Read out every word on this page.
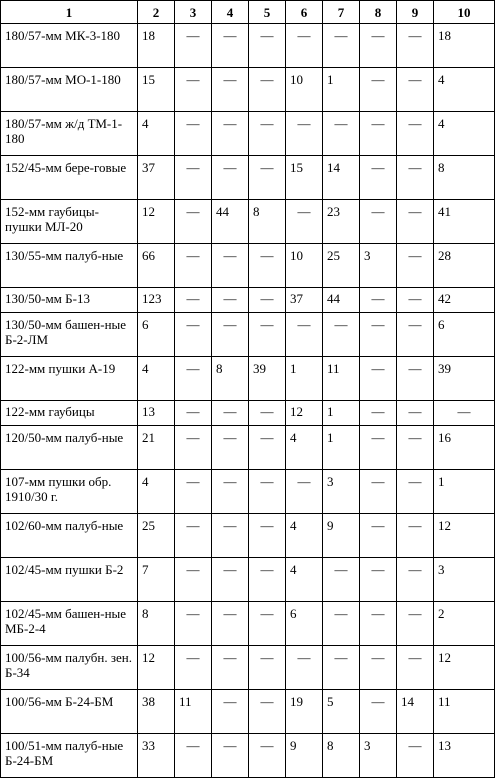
1	2	3	4	5	6	7	8	9	10
180/57-мм МК-3-180	18	—	—	—	—	—	—	—	18
180/57-мм МО-1-180	15	—	—	—	10	1	—	—	4
180/57-мм ж/д ТМ-1-180	4	—	—	—	—	—	—	—	4
152/45-мм бере-говые	37	—	—	—	15	14	—	—	8
152-мм гаубицы-пушки МЛ-20	12	—	44	8	—	23	—	—	41
130/55-мм палуб-ные	66	—	—	—	10	25	3	—	28
130/50-мм Б-13	123	—	—	—	37	44	—	—	42
130/50-мм башен-ные Б-2-ЛМ	6	—	—	—	—	—	—	—	6
122-мм пушки А-19	4	—	8	39	1	11	—	—	39
122-мм гаубицы	13	—	—	—	12	1	—	—	—

120/50-мм палуб-ные	21	—	—	—	4	1	—	—	16
107-мм пушки обр. 1910/30 г.	4	—	—	—	—	3	—	—	1
102/60-мм палуб-ные	25	—	—	—	4	9	—	—	12
102/45-мм пушки Б-2	7	—	—	—	4	—	—	—	3
102/45-мм башен-ные МБ-2-4	8	—	—	—	6	—	—	—	2
100/56-мм палубн. зен. Б-34	12	—	—	—	—	—	—	—	12
100/56-мм Б-24-БМ	38	11	—	—	19	5	—	14	11
100/51-мм палуб-ные Б-24-БМ	33	—	—	—	9	8	3	—	13
